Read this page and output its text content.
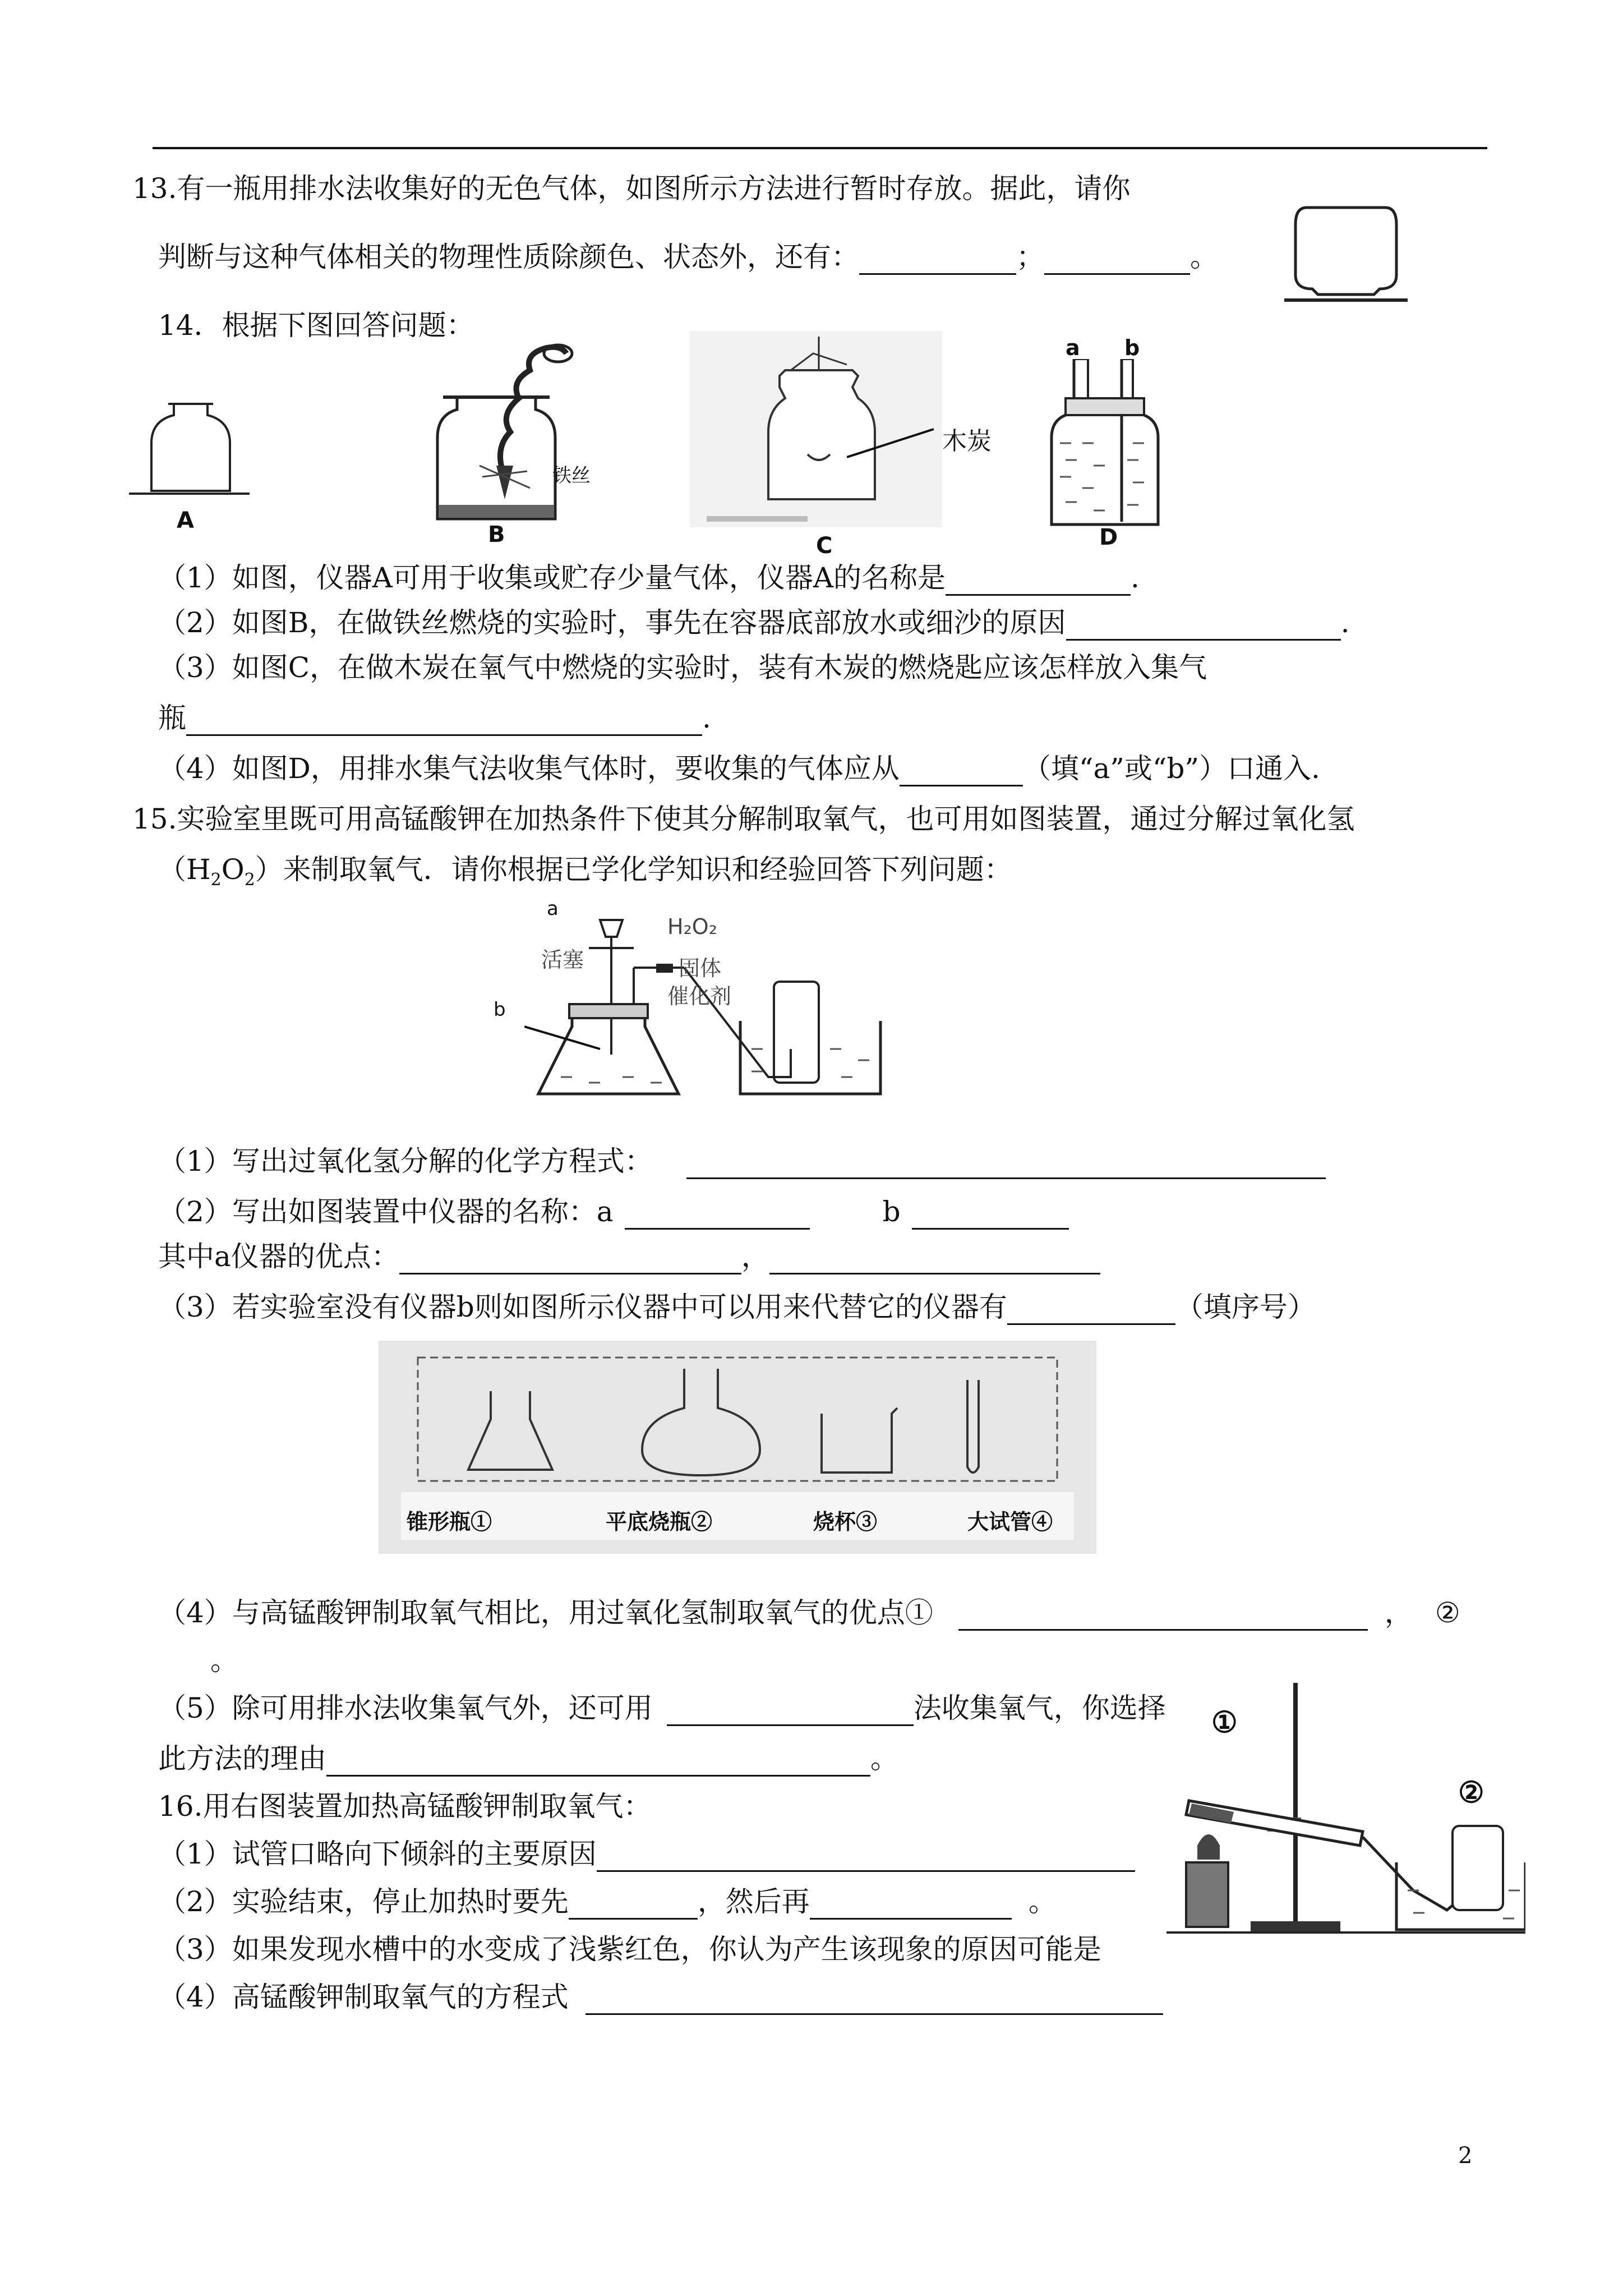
13.有一瓶用排水法收集好的无色气体，如图所示方法进行暂时存放。据此，请你
判断与这种气体相关的物理性质除颜色、状态外，还有：	；	。
14．根据下图回答问题：
A
铁丝
B
木炭
C
a b
D
（1）如图，仪器A可用于收集或贮存少量气体，仪器A的名称是	.
（2）如图B，在做铁丝燃烧的实验时，事先在容器底部放水或细沙的原因	.
（3）如图C，在做木炭在氧气中燃烧的实验时，装有木炭的燃烧匙应该怎样放入集气
瓶	.
（4）如图D，用排水集气法收集气体时，要收集的气体应从	（填“a”或“b”）口通入.
15.实验室里既可用高锰酸钾在加热条件下使其分解制取氧气，也可用如图装置，通过分解过氧化氢
$(H_2O_2)$来制取氧气．请你根据已学化学知识和经验回答下列问题：
a
b
H₂O₂
活塞	固体
催化剂
（1）写出过氧化氢分解的化学方程式：
（2）写出如图装置中仪器的名称：a	b
其中a仪器的优点：	，
（3）若实验室没有仪器b则如图所示仪器中可以用来代替它的仪器有	（填序号）
锥形瓶①	平底烧瓶②	烧杯③	大试管④
（4）与高锰酸钾制取氧气相比，用过氧化氢制取氧气的优点①	， ②
。
（5）除可用排水法收集氧气外，还可用	法收集氧气，你选择
此方法的理由	。
16.用右图装置加热高锰酸钾制取氧气：
（1）试管口略向下倾斜的主要原因
（2）实验结束，停止加热时要先	，然后再	。
（3）如果发现水槽中的水变成了浅紫红色，你认为产生该现象的原因可能是
（4）高锰酸钾制取氧气的方程式
①
②
2
